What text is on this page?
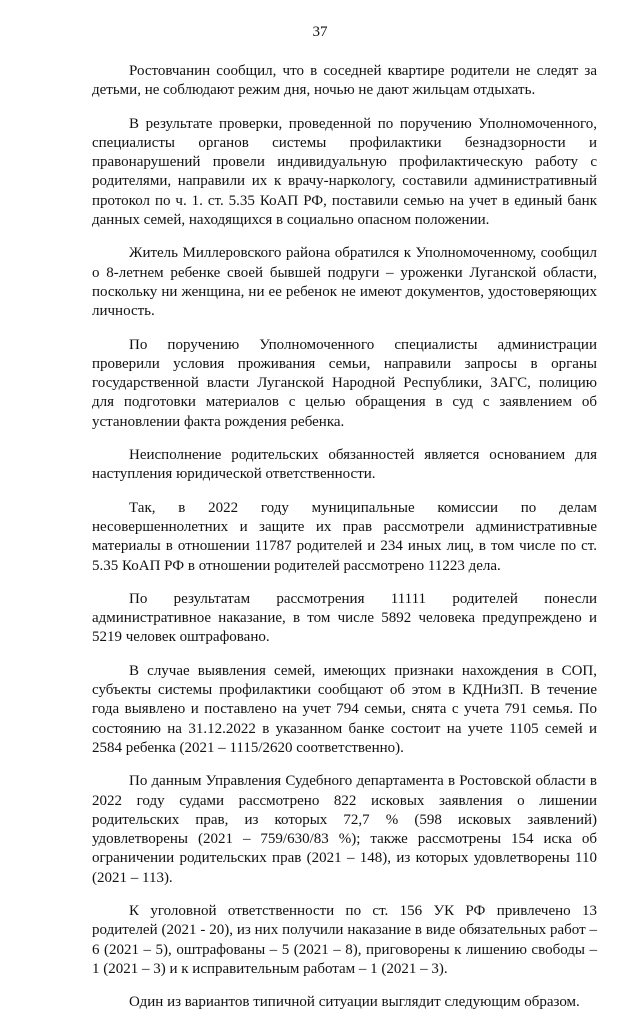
37

Ростовчанин сообщил, что в соседней квартире родители не следят за детьми, не соблюдают режим дня, ночью не дают жильцам отдыхать.

В результате проверки, проведенной по поручению Уполномоченного, специалисты органов системы профилактики безнадзорности и правонарушений провели индивидуальную профилактическую работу с родителями, направили их к врачу-наркологу, составили административный протокол по ч. 1. ст. 5.35 КоАП РФ, поставили семью на учет в единый банк данных семей, находящихся в социально опасном положении.

Житель Миллеровского района обратился к Уполномоченному, сообщил о 8-летнем ребенке своей бывшей подруги – уроженки Луганской области, поскольку ни женщина, ни ее ребенок не имеют документов, удостоверяющих личность.

По поручению Уполномоченного специалисты администрации проверили условия проживания семьи, направили запросы в органы государственной власти Луганской Народной Республики, ЗАГС, полицию для подготовки материалов с целью обращения в суд с заявлением об установлении факта рождения ребенка.

Неисполнение родительских обязанностей является основанием для наступления юридической ответственности.

Так, в 2022 году муниципальные комиссии по делам несовершеннолетних и защите их прав рассмотрели административные материалы в отношении 11787 родителей и 234 иных лиц, в том числе по ст. 5.35 КоАП РФ в отношении родителей рассмотрено 11223 дела.

По результатам рассмотрения 11111 родителей понесли административное наказание, в том числе 5892 человека предупреждено и 5219 человек оштрафовано.

В случае выявления семей, имеющих признаки нахождения в СОП, субъекты системы профилактики сообщают об этом в КДНиЗП. В течение года выявлено и поставлено на учет 794 семьи, снята с учета 791 семья. По состоянию на 31.12.2022 в указанном банке состоит на учете 1105 семей и 2584 ребенка (2021 – 1115/2620 соответственно).

По данным Управления Судебного департамента в Ростовской области в 2022 году судами рассмотрено 822 исковых заявления о лишении родительских прав, из которых 72,7 % (598 исковых заявлений) удовлетворены (2021 – 759/630/83 %); также рассмотрены 154 иска об ограничении родительских прав (2021 – 148), из которых удовлетворены 110 (2021 – 113).

К уголовной ответственности по ст. 156 УК РФ привлечено 13 родителей (2021 - 20), из них получили наказание в виде обязательных работ – 6 (2021 – 5), оштрафованы – 5 (2021 – 8), приговорены к лишению свободы – 1 (2021 – 3) и к исправительным работам – 1 (2021 – 3).

Один из вариантов типичной ситуации выглядит следующим образом.
